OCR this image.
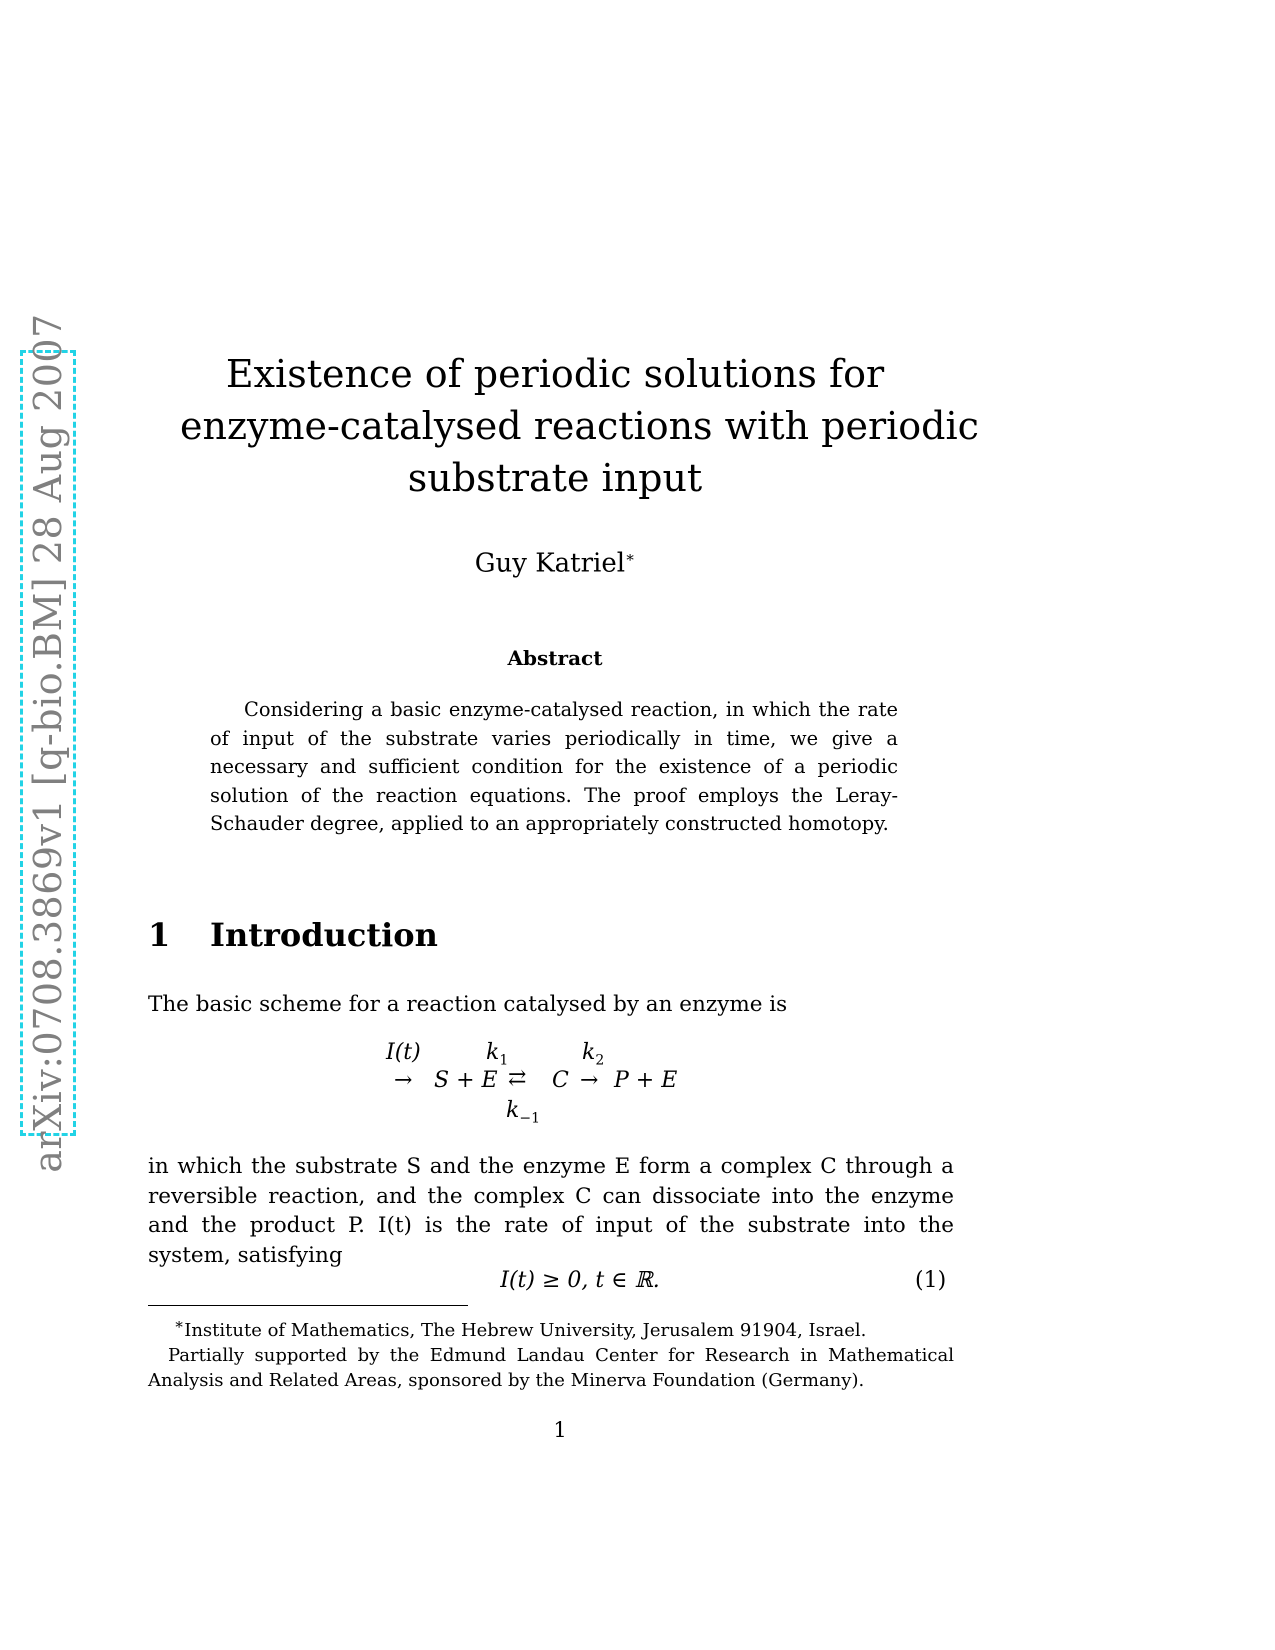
arXiv:0708.3869v1 [q-bio.BM] 28 Aug 2007	Existence of periodic solutions for
enzyme-catalysed reactions with periodic
substrate input
Guy Katriel∗
Abstract
Considering a basic enzyme-catalysed reaction, in which the rate of input of the substrate varies periodically in time, we give a necessary and sufficient condition for the existence of a periodic solution of the reaction equations. The proof employs the Leray-Schauder degree, applied to an appropriately constructed homotopy.
1 Introduction
The basic scheme for a reaction catalysed by an enzyme is
I(t)
→ S + E
$k_1$
⇄
$k_{-1}$
C
$k_2$
→ P + E
in which the substrate S and the enzyme E form a complex C through a reversible reaction, and the complex C can dissociate into the enzyme and the product P. I(t) is the rate of input of the substrate into the system, satisfying
I(t) ≥ 0, t ∈ ℝ.	(1)
∗Institute of Mathematics, The Hebrew University, Jerusalem 91904, Israel.
Partially supported by the Edmund Landau Center for Research in Mathematical Analysis and Related Areas, sponsored by the Minerva Foundation (Germany).
1
